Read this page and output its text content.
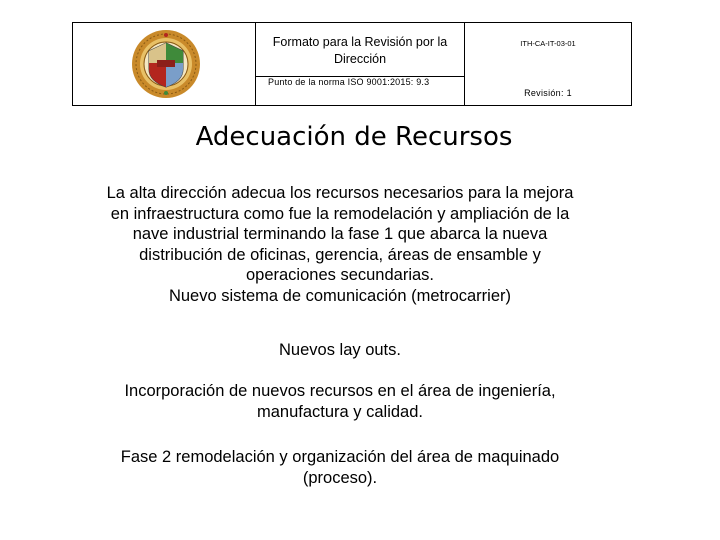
Formato para la Revisión por la
Dirección
Punto de la norma ISO 9001:2015: 9.3
ITH-CA-IT-03-01
Revisión: 1
Adecuación de Recursos
La alta dirección adecua los recursos necesarios para la mejora
en infraestructura como fue la remodelación y ampliación de la
nave industrial terminando la fase 1 que abarca la nueva
distribución de oficinas, gerencia, áreas de ensamble y
operaciones secundarias.
Nuevo sistema de comunicación (metrocarrier)
Nuevos lay outs.
Incorporación de nuevos recursos en el área de ingeniería,
manufactura y calidad.
Fase 2 remodelación y organización del área de maquinado
(proceso).
